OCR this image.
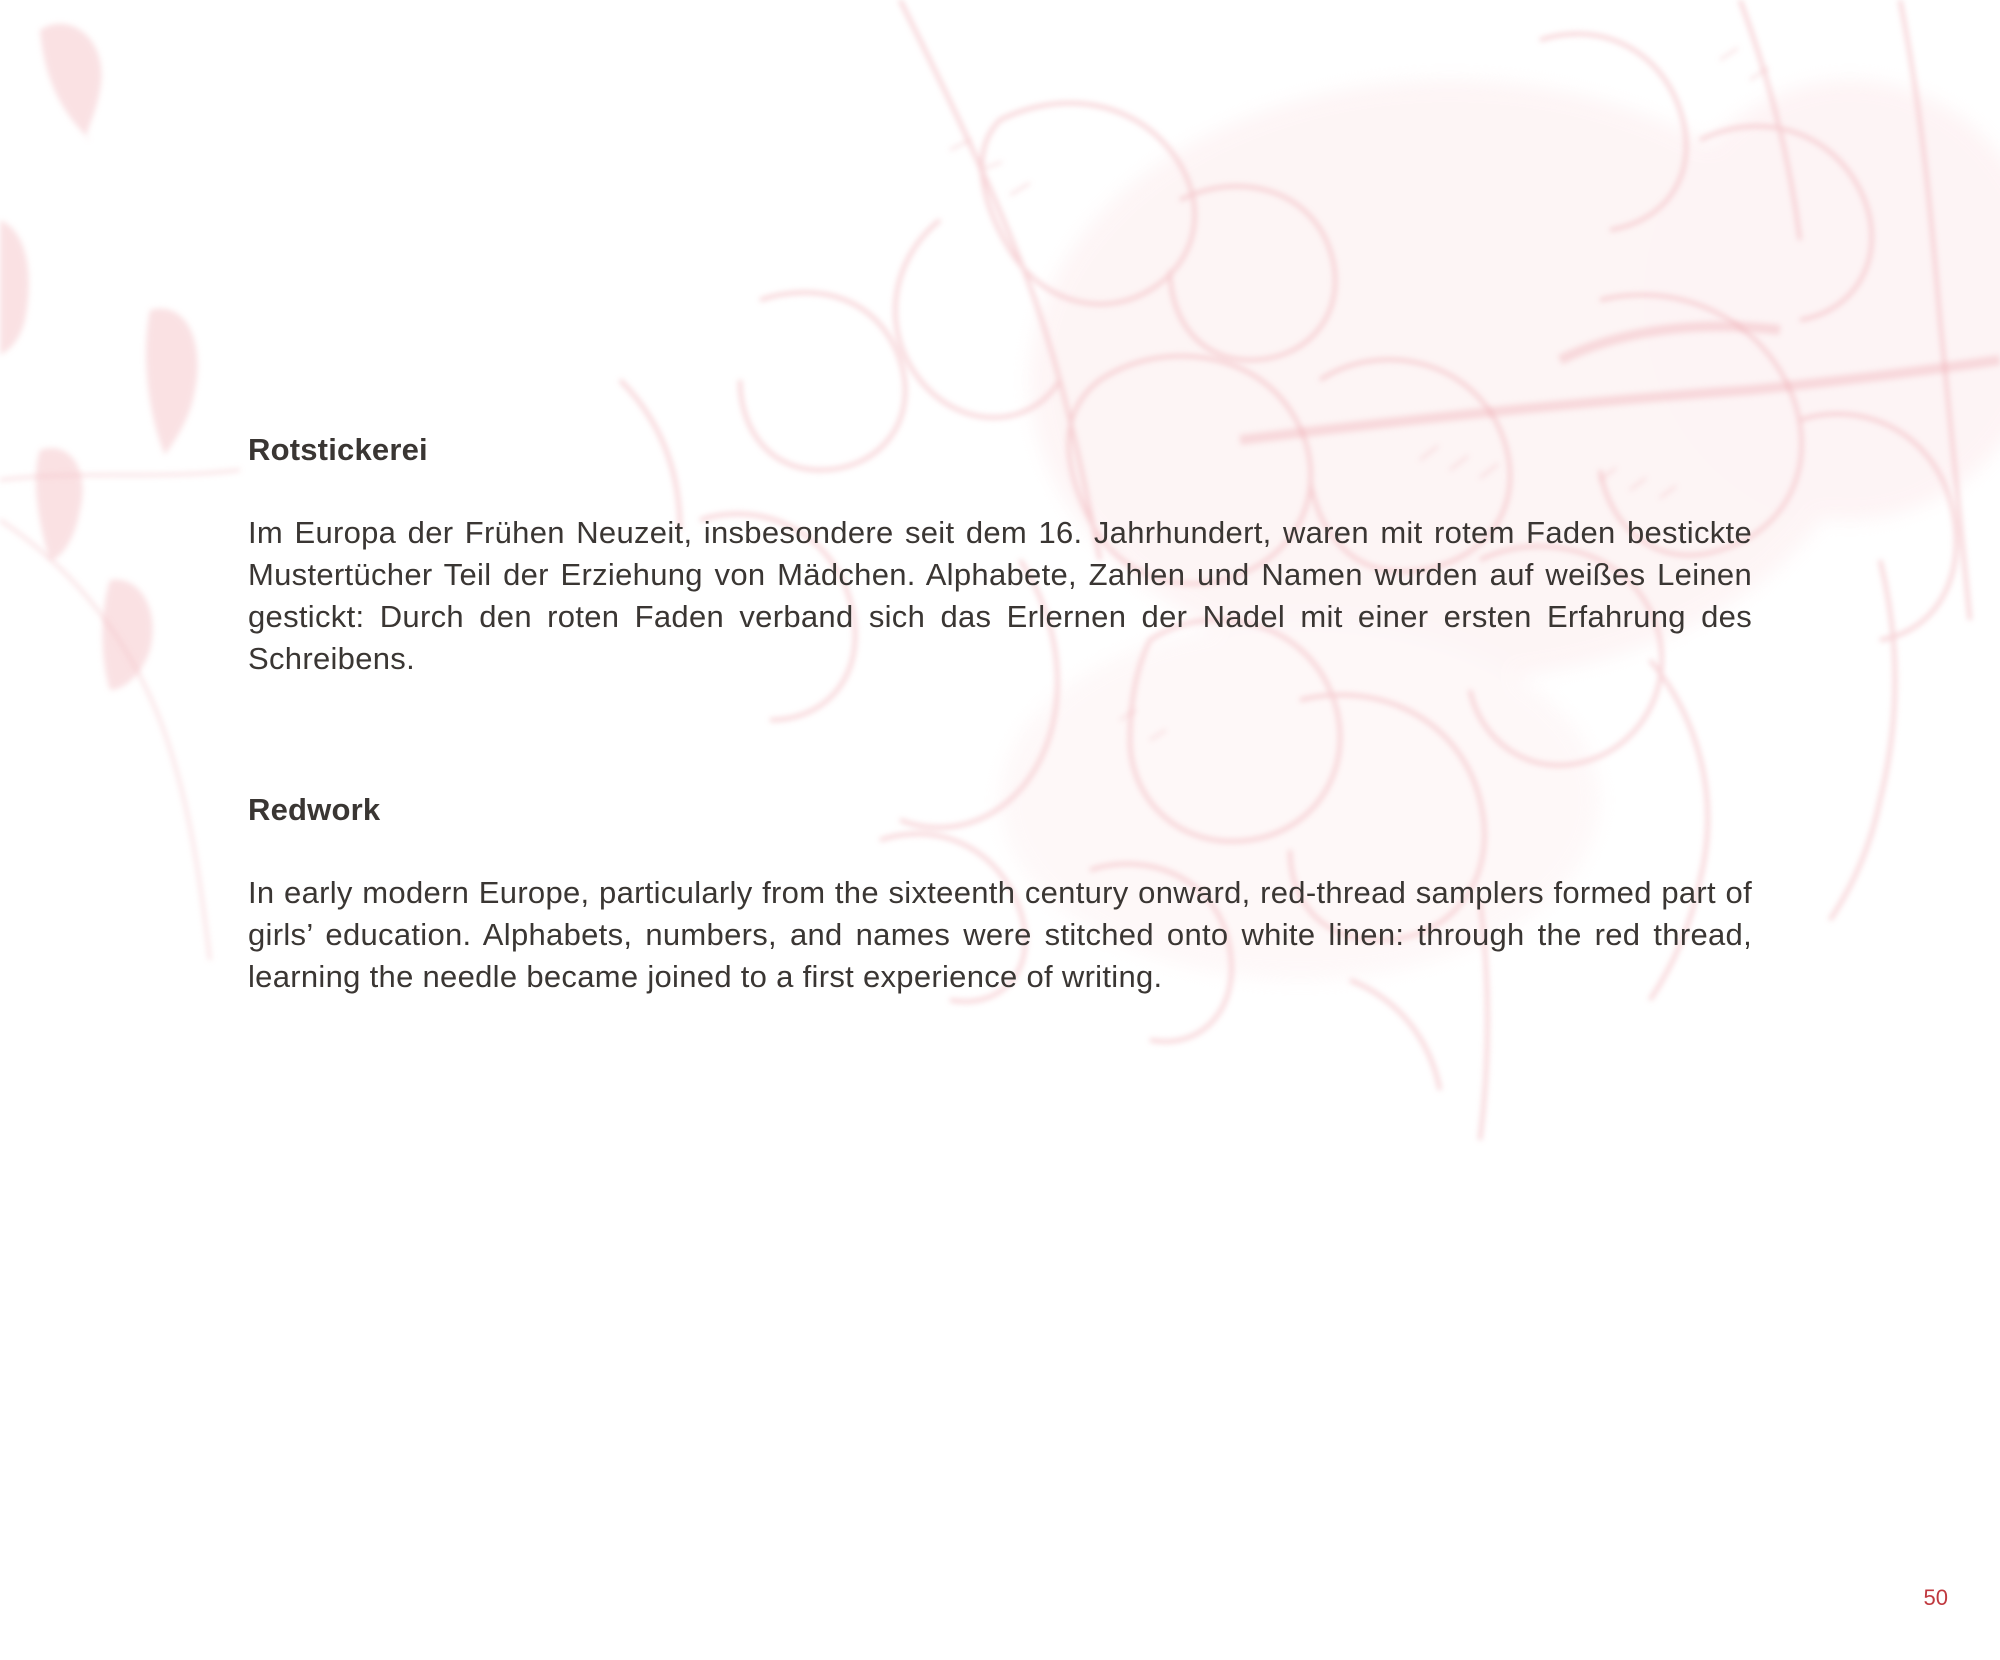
Rotstickerei

Im Europa der Frühen Neuzeit, insbesondere seit dem 16. Jahrhundert, waren mit rotem Faden bestickte Mustertücher Teil der Erziehung von Mädchen. Alphabete, Zahlen und Namen wurden auf weißes Leinen gestickt: Durch den roten Faden verband sich das Erlernen der Nadel mit einer ersten Erfahrung des Schreibens.

Redwork

In early modern Europe, particularly from the sixteenth century onward, red-thread samplers formed part of girls’ education. Alphabets, numbers, and names were stitched onto white linen: through the red thread, learning the needle became joined to a first experience of writing.

50
